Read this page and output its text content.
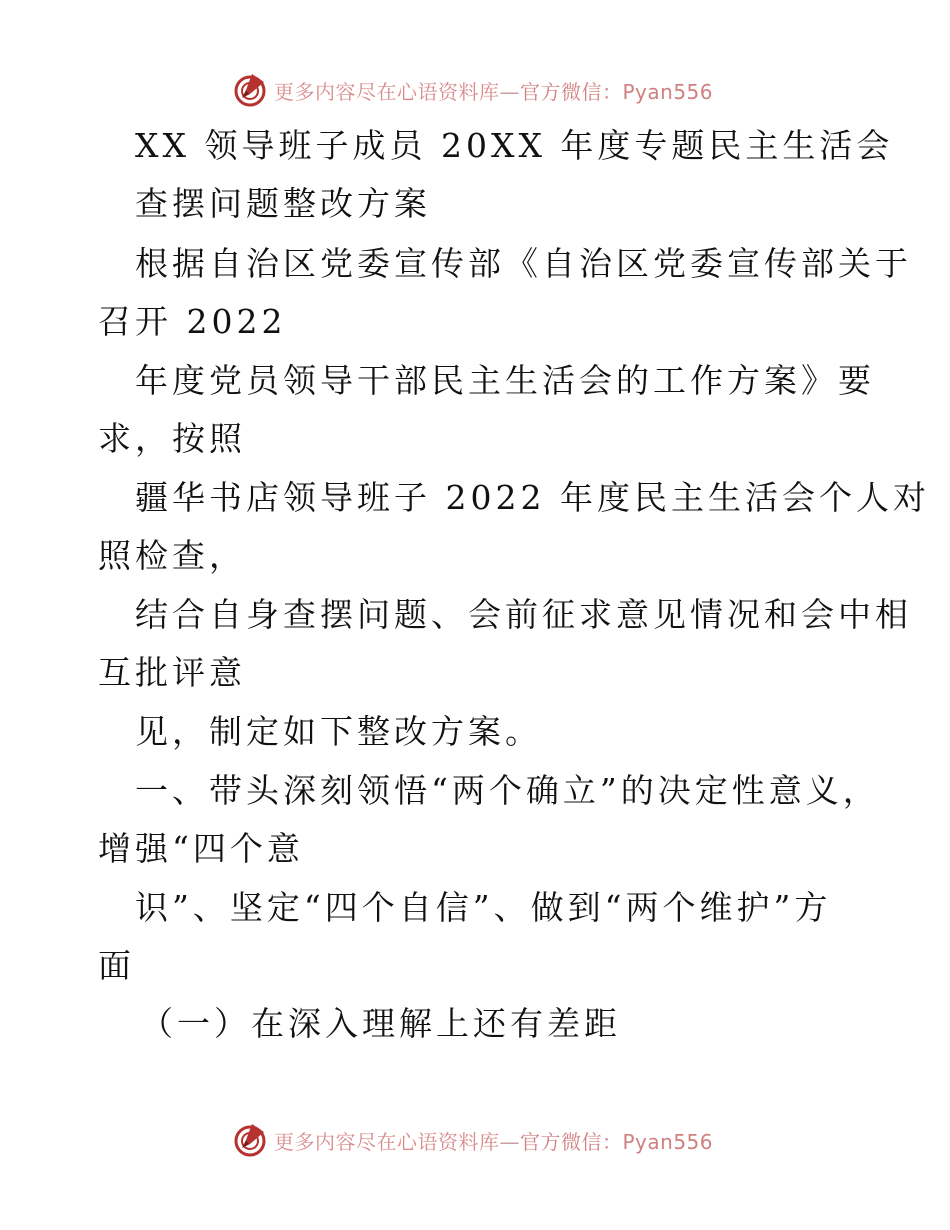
更多内容尽在心语资料库—官方微信：Pyan556
XX 领导班子成员 20XX 年度专题民主生活会
查摆问题整改方案
根据自治区党委宣传部《自治区党委宣传部关于
召开 2022
年度党员领导干部民主生活会的工作方案》要
求，按照
疆华书店领导班子 2022 年度民主生活会个人对
照检查，
结合自身查摆问题、会前征求意见情况和会中相
互批评意
见，制定如下整改方案。
一、带头深刻领悟“两个确立”的决定性意义，
增强“四个意
识”、坚定“四个自信”、做到“两个维护”方
面
（一）在深入理解上还有差距
更多内容尽在心语资料库—官方微信：Pyan556
